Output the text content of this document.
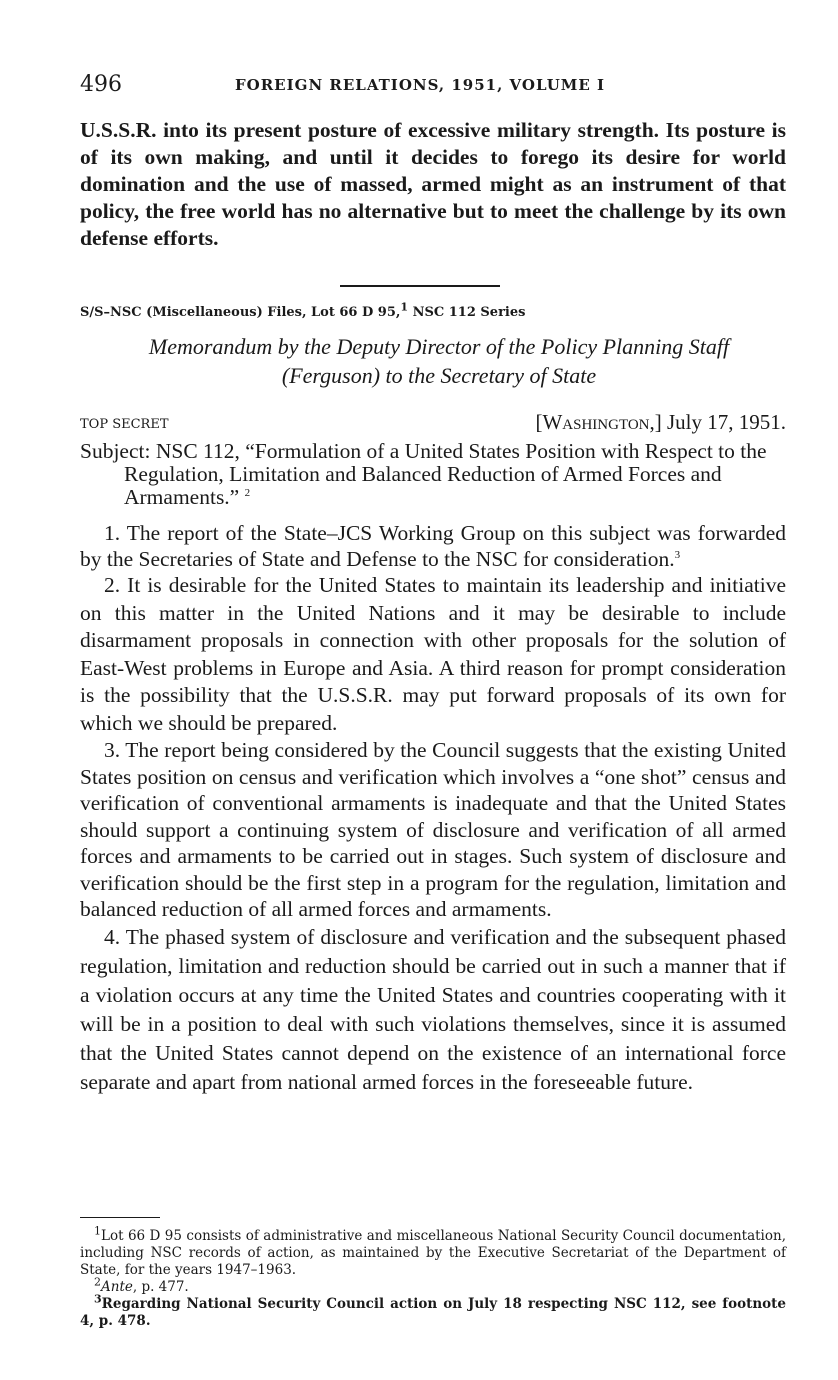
496	FOREIGN RELATIONS, 1951, VOLUME I
U.S.S.R. into its present posture of excessive military strength. Its posture is of its own making, and until it decides to forego its desire for world domination and the use of massed, armed might as an instrument of that policy, the free world has no alternative but to meet the challenge by its own defense efforts.
S/S–NSC (Miscellaneous) Files, Lot 66 D 95,$^1$ NSC 112 Series
Memorandum by the Deputy Director of the Policy Planning Staff
(Ferguson) to the Secretary of State
TOP SECRET	[Washington,] July 17, 1951.
Subject: NSC 112, “Formulation of a United States Position with Respect to the Regulation, Limitation and Balanced Reduction of Armed Forces and Armaments.” $^2$

1. The report of the State–JCS Working Group on this subject was forwarded by the Secretaries of State and Defense to the NSC for consideration.$^3$

2. It is desirable for the United States to maintain its leadership and initiative on this matter in the United Nations and it may be desirable to include disarmament proposals in connection with other proposals for the solution of East-West problems in Europe and Asia. A third reason for prompt consideration is the possibility that the U.S.S.R. may put forward proposals of its own for which we should be prepared.

3. The report being considered by the Council suggests that the existing United States position on census and verification which involves a “one shot” census and verification of conventional armaments is inadequate and that the United States should support a continuing system of disclosure and verification of all armed forces and armaments to be carried out in stages. Such system of disclosure and verification should be the first step in a program for the regulation, limitation and balanced reduction of all armed forces and armaments.

4. The phased system of disclosure and verification and the subsequent phased regulation, limitation and reduction should be carried out in such a manner that if a violation occurs at any time the United States and countries cooperating with it will be in a position to deal with such violations themselves, since it is assumed that the United States cannot depend on the existence of an international force separate and apart from national armed forces in the foreseeable future.

$^1$Lot 66 D 95 consists of administrative and miscellaneous National Security Council documentation, including NSC records of action, as maintained by the Executive Secretariat of the Department of State, for the years 1947–1963.

$^2$Ante, p. 477.

$^3$Regarding National Security Council action on July 18 respecting NSC 112, see footnote 4, p. 478.
